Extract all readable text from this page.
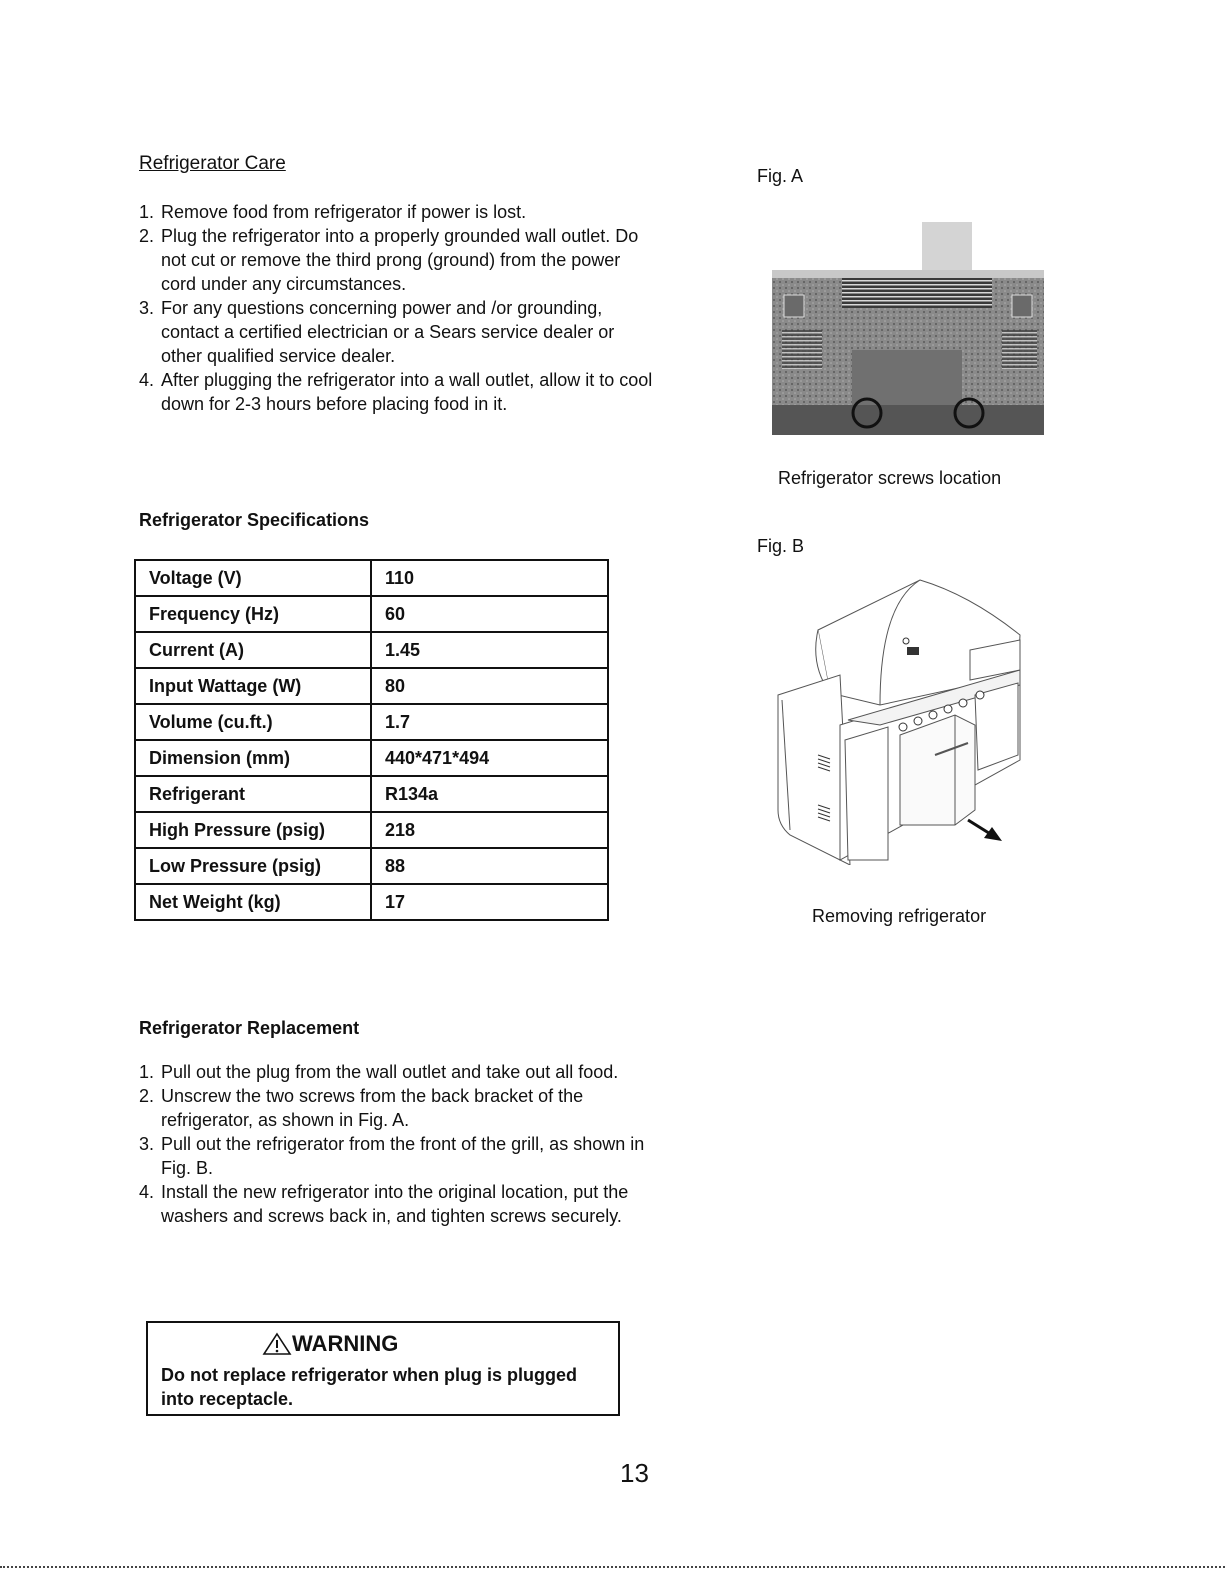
Refrigerator Care
1. Remove food from refrigerator if power is lost.
2. Plug the refrigerator into a properly grounded wall outlet. Do not cut or remove the third prong (ground) from the power cord under any circumstances.
3. For any questions concerning power and /or grounding, contact a certified electrician or a Sears service dealer or other qualified service dealer.
4. After plugging the refrigerator into a wall outlet, allow it to cool down for 2-3 hours before placing food in it.
Refrigerator Specifications
Voltage (V)	110
Frequency (Hz)	60
Current (A)	1.45
Input Wattage (W)	80
Volume (cu.ft.)	1.7
Dimension (mm)	440*471*494
Refrigerant	R134a
High Pressure (psig)	218
Low Pressure (psig)	88
Net Weight (kg)	17
Refrigerator Replacement
1. Pull out the plug from the wall outlet and take out all food.
2. Unscrew the two screws from the back bracket of the refrigerator, as shown in Fig. A.
3. Pull out the refrigerator from the front of the grill, as shown in Fig. B.
4. Install the new refrigerator into the original location, put the washers and screws back in, and tighten screws securely.
WARNING
Do not replace refrigerator when plug is plugged into receptacle.
Fig. A
Refrigerator screws location
Fig. B
Removing refrigerator
13
